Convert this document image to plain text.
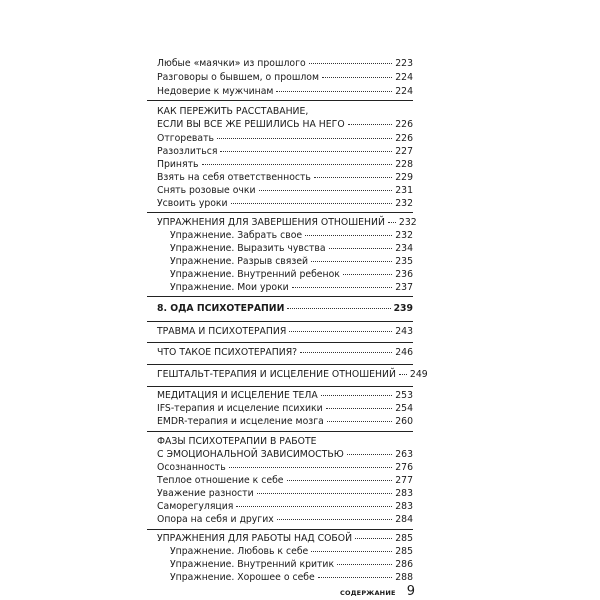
Любые «маячки» из прошлого	223
Разговоры о бывшем, о прошлом	224
Недоверие к мужчинам	224
КАК ПЕРЕЖИТЬ РАССТАВАНИЕ,
ЕСЛИ ВЫ ВСЕ ЖЕ РЕШИЛИСЬ НА НЕГО	226
Отгоревать	226
Разозлиться	227
Принять	228
Взять на себя ответственность	229
Снять розовые очки	231
Усвоить уроки	232
УПРАЖНЕНИЯ ДЛЯ ЗАВЕРШЕНИЯ ОТНОШЕНИЙ 232
Упражнение. Забрать свое	232
Упражнение. Выразить чувства	234
Упражнение. Разрыв связей	235
Упражнение. Внутренний ребенок	236
Упражнение. Мои уроки	237
8. ОДА ПСИХОТЕРАПИИ	239
ТРАВМА И ПСИХОТЕРАПИЯ	243
ЧТО ТАКОЕ ПСИХОТЕРАПИЯ?	246
ГЕШТАЛЬТ-ТЕРАПИЯ И ИСЦЕЛЕНИЕ ОТНОШЕНИЙ 249
МЕДИТАЦИЯ И ИСЦЕЛЕНИЕ ТЕЛА	253
IFS-терапия и исцеление психики	254
EMDR-терапия и исцеление мозга	260
ФАЗЫ ПСИХОТЕРАПИИ В РАБОТЕ
С ЭМОЦИОНАЛЬНОЙ ЗАВИСИМОСТЬЮ	263
Осознанность	276
Теплое отношение к себе	277
Уважение разности	283
Саморегуляция	283
Опора на себя и других	284
УПРАЖНЕНИЯ ДЛЯ РАБОТЫ НАД СОБОЙ	285
Упражнение. Любовь к себе	285
Упражнение. Внутренний критик	286
Упражнение. Хорошее о себе	288
СОДЕРЖАНИЕ 9
